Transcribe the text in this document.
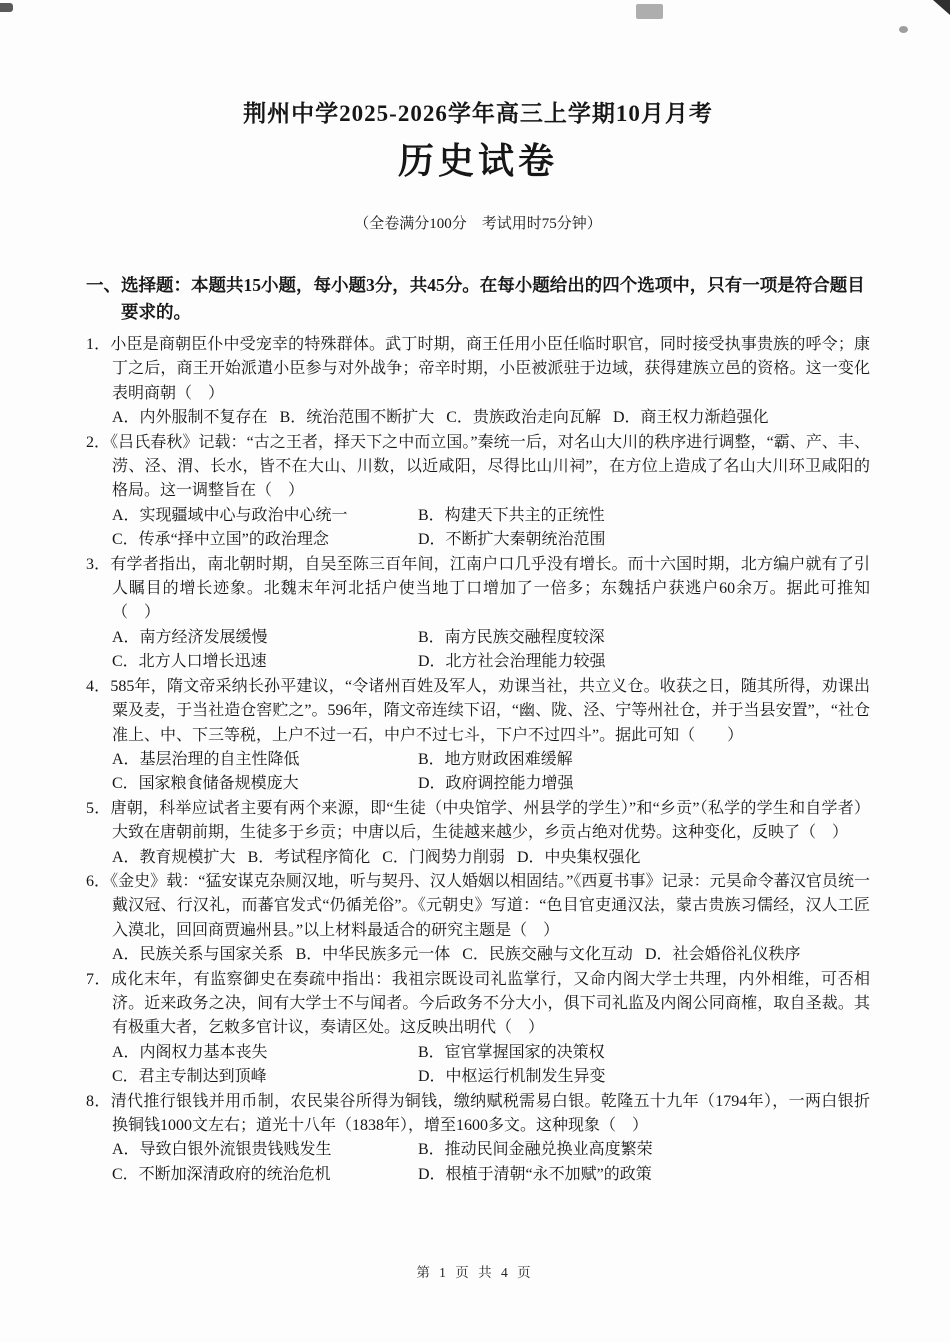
荆州中学2025-2026学年高三上学期10月月考
历史试卷
（全卷满分100分　考试用时75分钟）
一、选择题：本题共15小题，每小题3分，共45分。在每小题给出的四个选项中，只有一项是符合题目要求的。
1．小臣是商朝臣仆中受宠幸的特殊群体。武丁时期，商王任用小臣任临时职官，同时接受执事贵族的呼令；康丁之后，商王开始派遣小臣参与对外战争；帝辛时期，小臣被派驻于边域，获得建族立邑的资格。这一变化表明商朝（　）
A．内外服制不复存在 B．统治范围不断扩大 C．贵族政治走向瓦解 D．商王权力渐趋强化
2．《吕氏春秋》记载：“古之王者，择天下之中而立国。”秦统一后，对名山大川的秩序进行调整，“霸、产、丰、涝、泾、渭、长水，皆不在大山、川数，以近咸阳，尽得比山川祠”，在方位上造成了名山大川环卫咸阳的格局。这一调整旨在（　）
A．实现疆域中心与政治中心统一	B．构建天下共主的正统性
C．传承“择中立国”的政治理念	D．不断扩大秦朝统治范围
3．有学者指出，南北朝时期，自吴至陈三百年间，江南户口几乎没有增长。而十六国时期，北方编户就有了引人瞩目的增长迹象。北魏末年河北括户使当地丁口增加了一倍多；东魏括户获逃户60余万。据此可推知（　）
A．南方经济发展缓慢	B．南方民族交融程度较深
C．北方人口增长迅速	D．北方社会治理能力较强
4．585年，隋文帝采纳长孙平建议，“令诸州百姓及军人，劝课当社，共立义仓。收获之日，随其所得，劝课出粟及麦，于当社造仓窖贮之”。596年，隋文帝连续下诏，“幽、陇、泾、宁等州社仓，并于当县安置”，“社仓准上、中、下三等税，上户不过一石，中户不过七斗，下户不过四斗”。据此可知（　　）
A．基层治理的自主性降低	B．地方财政困难缓解
C．国家粮食储备规模庞大	D．政府调控能力增强
5．唐朝，科举应试者主要有两个来源，即“生徒（中央馆学、州县学的学生）”和“乡贡”（私学的学生和自学者）大致在唐朝前期，生徒多于乡贡；中唐以后，生徒越来越少，乡贡占绝对优势。这种变化，反映了（　）
A．教育规模扩大 B．考试程序简化 C．门阀势力削弱 D．中央集权强化
6．《金史》载：“猛安谋克杂厕汉地，听与契丹、汉人婚姻以相固结。”《西夏书事》记录：元昊命令蕃汉官员统一戴汉冠、行汉礼，而蕃官发式“仍循羌俗”。《元朝史》写道：“色目官吏通汉法，蒙古贵族习儒经，汉人工匠入漠北，回回商贾遍州县。”以上材料最适合的研究主题是（　）
A．民族关系与国家关系 B．中华民族多元一体 C．民族交融与文化互动 D．社会婚俗礼仪秩序
7．成化末年，有监察御史在奏疏中指出：我祖宗既设司礼监掌行，又命内阁大学士共理，内外相维，可否相济。近来政务之决，间有大学士不与闻者。今后政务不分大小，俱下司礼监及内阁公同商榷，取自圣裁。其有极重大者，乞敕多官计议，奏请区处。这反映出明代（　）
A．内阁权力基本丧失	B．宦官掌握国家的决策权
C．君主专制达到顶峰	D．中枢运行机制发生异变
8．清代推行银钱并用币制，农民粜谷所得为铜钱，缴纳赋税需易白银。乾隆五十九年（1794年），一两白银折换铜钱1000文左右；道光十八年（1838年），增至1600多文。这种现象（　）
A．导致白银外流银贵钱贱发生	B．推动民间金融兑换业高度繁荣
C．不断加深清政府的统治危机	D．根植于清朝“永不加赋”的政策
第 1 页 共 4 页
